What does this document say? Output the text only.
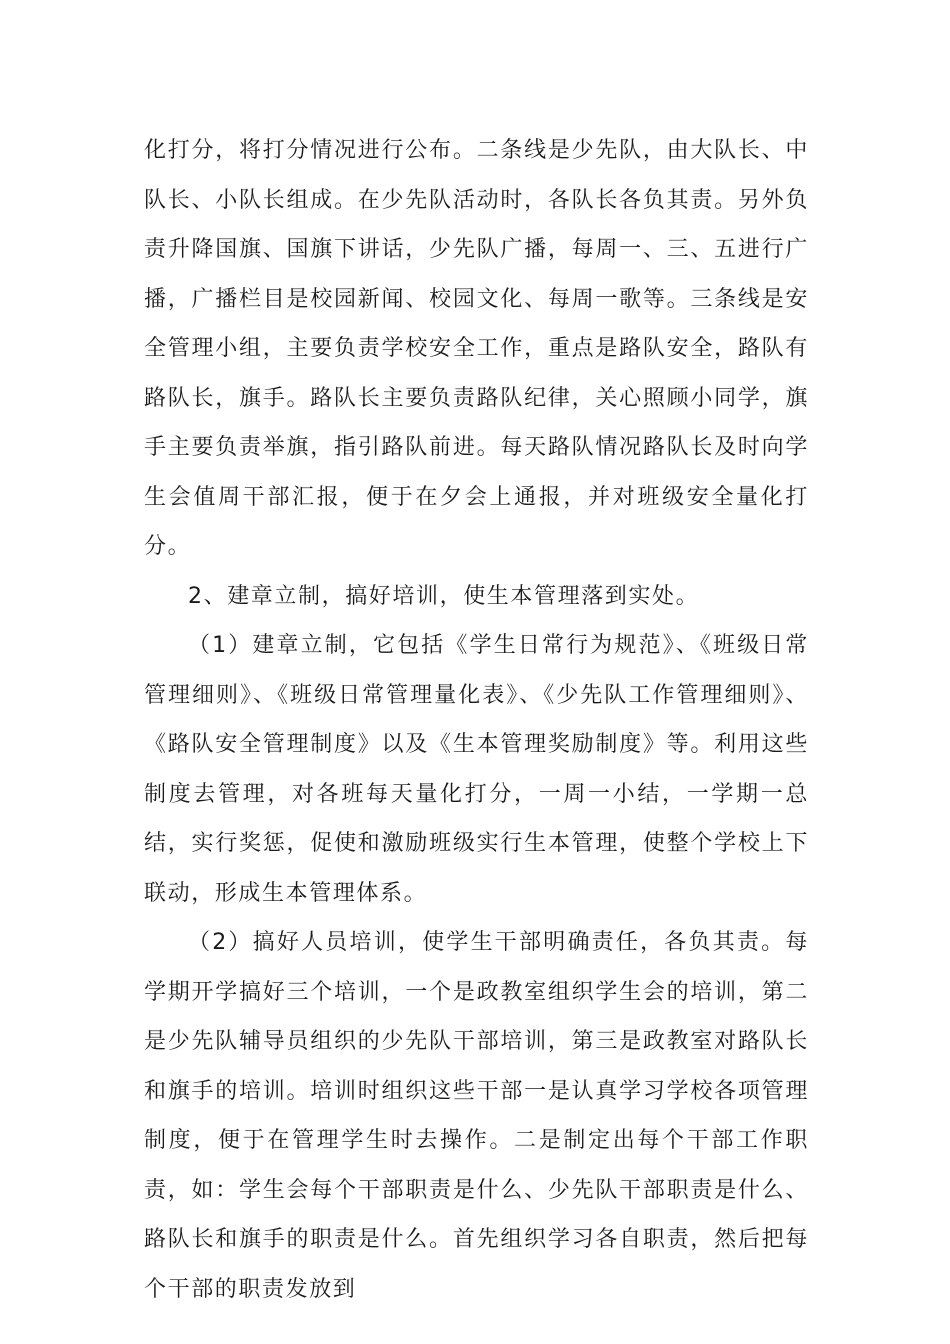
化打分，将打分情况进行公布。二条线是少先队，由大队长、中队长、小队长组成。在少先队活动时，各队长各负其责。另外负责升降国旗、国旗下讲话，少先队广播，每周一、三、五进行广播，广播栏目是校园新闻、校园文化、每周一歌等。三条线是安全管理小组，主要负责学校安全工作，重点是路队安全，路队有路队长，旗手。路队长主要负责路队纪律，关心照顾小同学，旗手主要负责举旗，指引路队前进。每天路队情况路队长及时向学生会值周干部汇报，便于在夕会上通报，并对班级安全量化打分。

2、建章立制，搞好培训，使生本管理落到实处。

（1）建章立制，它包括《学生日常行为规范》、《班级日常管理细则》、《班级日常管理量化表》、《少先队工作管理细则》、《路队安全管理制度》以及《生本管理奖励制度》等。利用这些制度去管理，对各班每天量化打分，一周一小结，一学期一总结，实行奖惩，促使和激励班级实行生本管理，使整个学校上下联动，形成生本管理体系。

（2）搞好人员培训，使学生干部明确责任，各负其责。每学期开学搞好三个培训，一个是政教室组织学生会的培训，第二是少先队辅导员组织的少先队干部培训，第三是政教室对路队长和旗手的培训。培训时组织这些干部一是认真学习学校各项管理制度，便于在管理学生时去操作。二是制定出每个干部工作职责，如：学生会每个干部职责是什么、少先队干部职责是什么、路队长和旗手的职责是什么。首先组织学习各自职责，然后把每个干部的职责发放到
